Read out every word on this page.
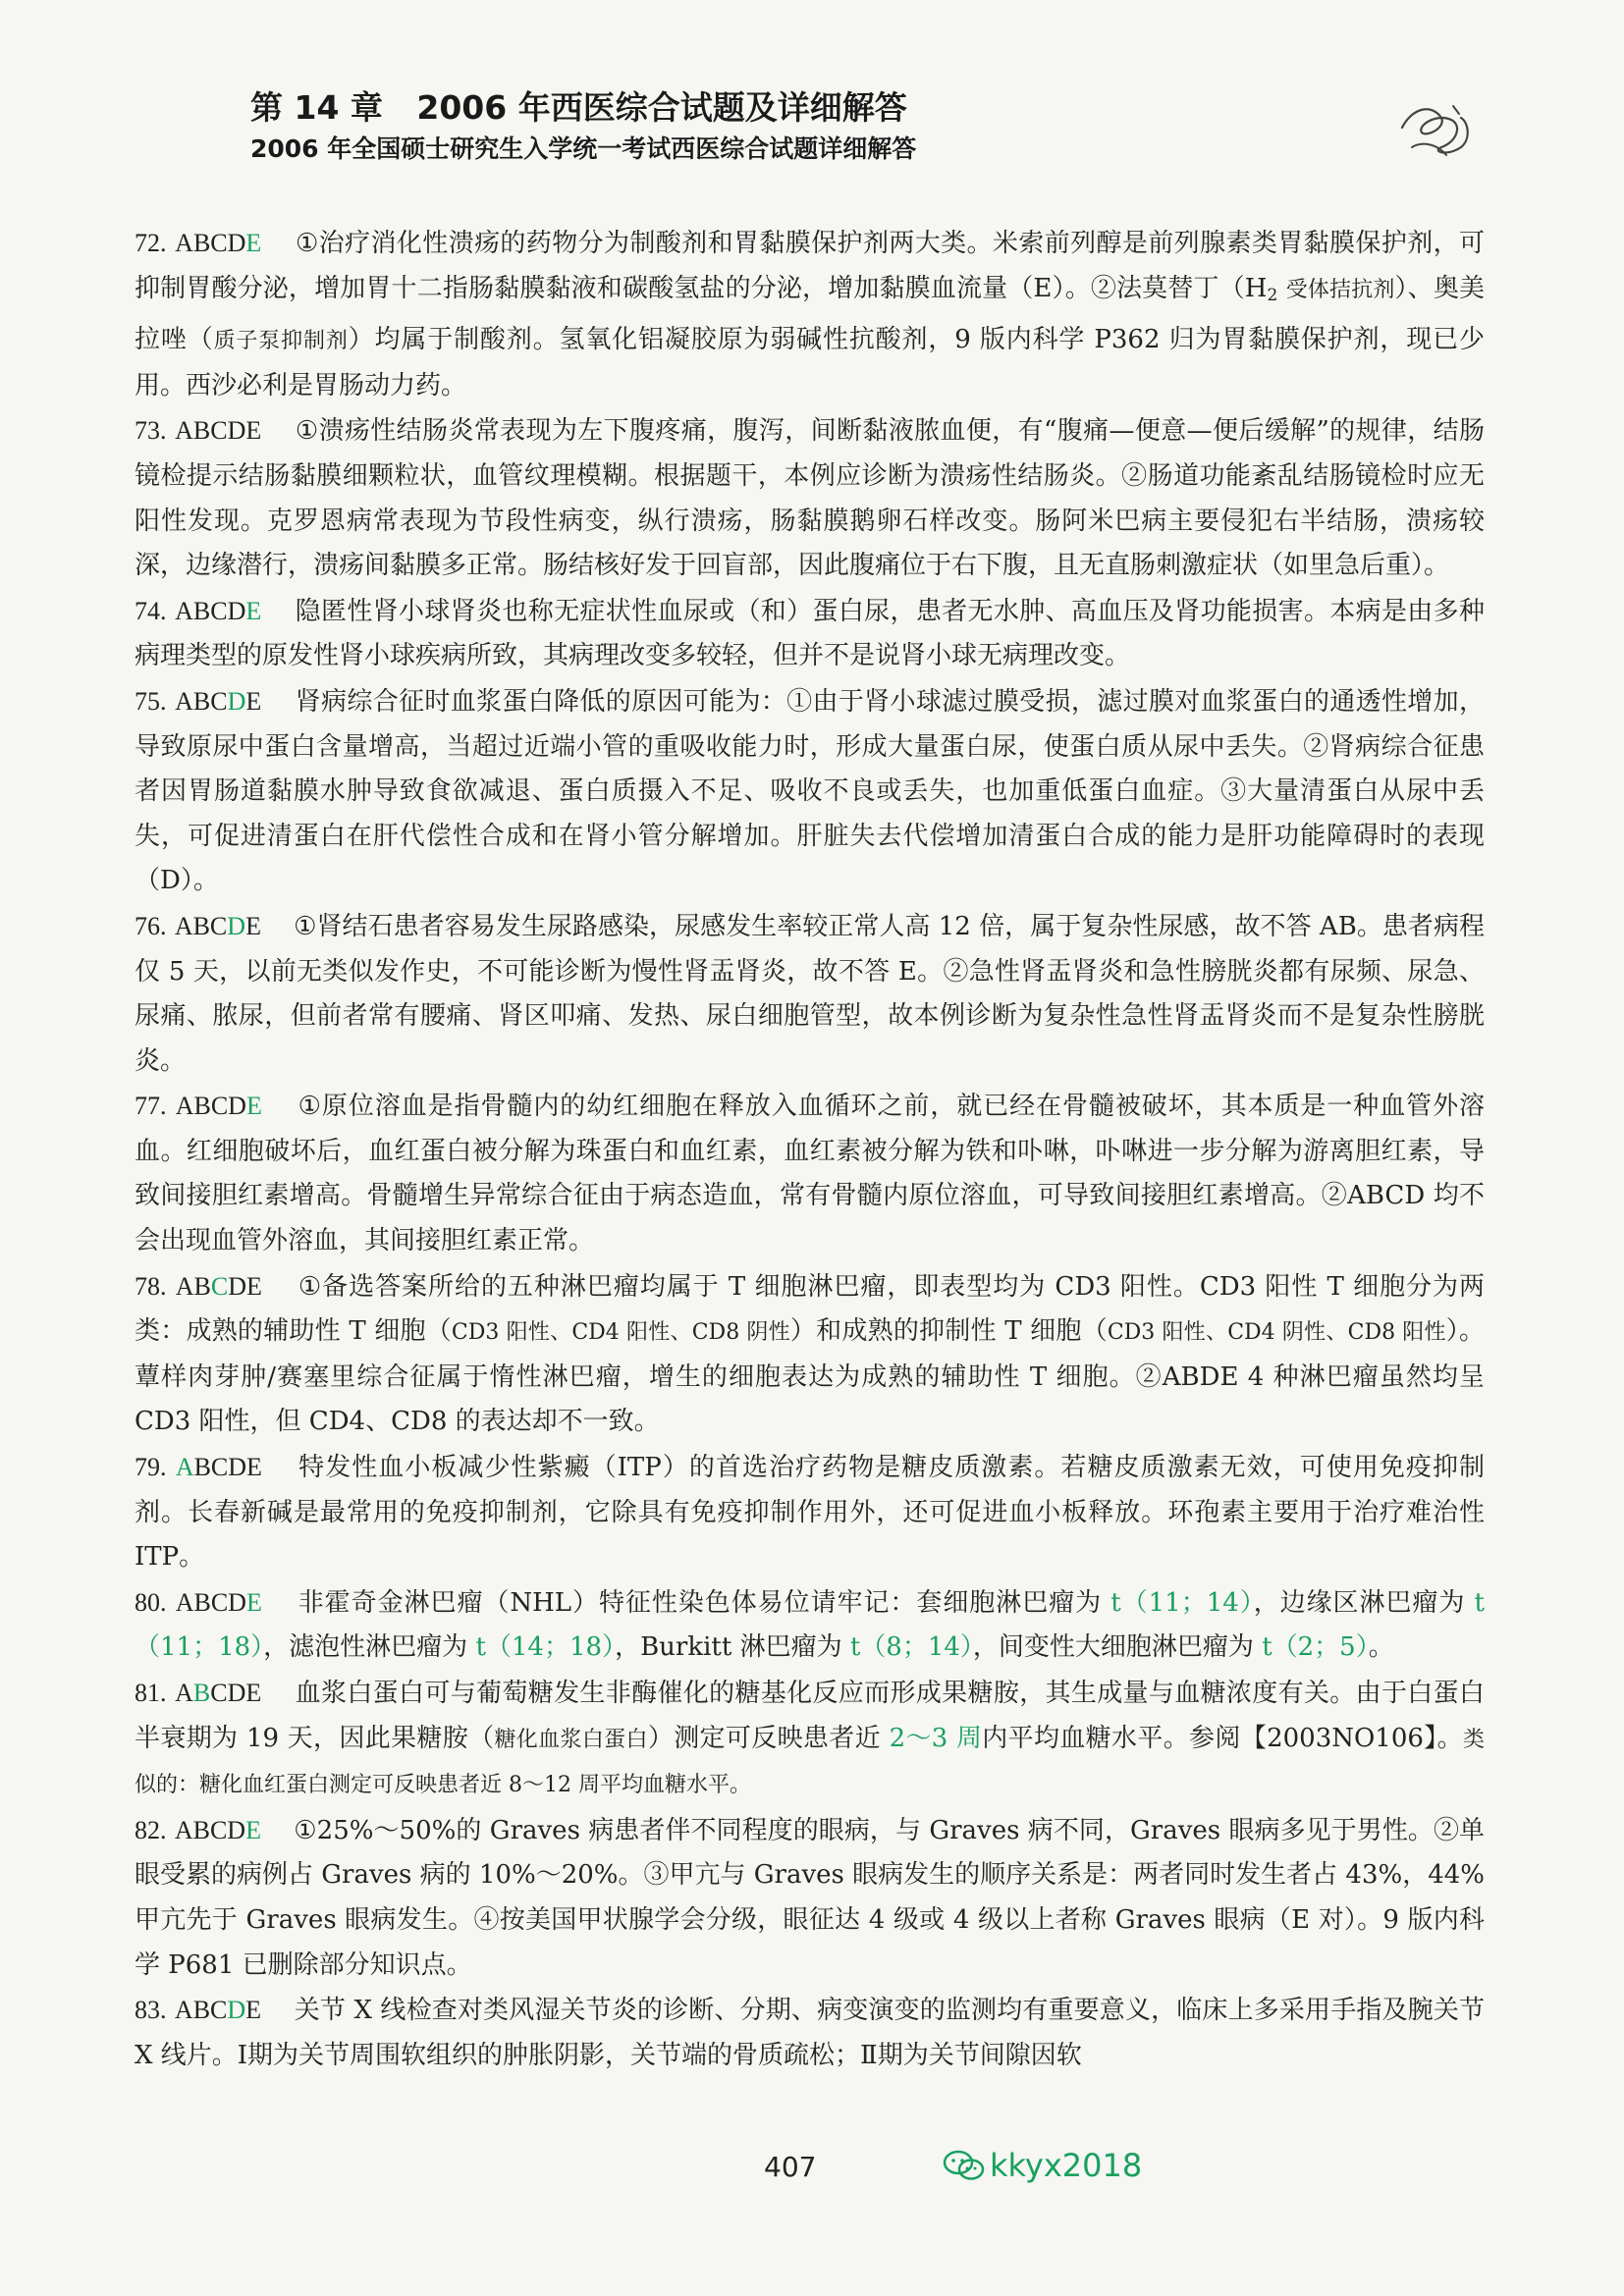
第 14 章   2006 年西医综合试题及详细解答
2006 年全国硕士研究生入学统一考试西医综合试题详细解答

72. ABCDE ①治疗消化性溃疡的药物分为制酸剂和胃黏膜保护剂两大类。米索前列醇是前列腺素类胃黏膜保护剂，可抑制胃酸分泌，增加胃十二指肠黏膜黏液和碳酸氢盐的分泌，增加黏膜血流量（E）。②法莫替丁（$H_2$ 受体拮抗剂）、奥美拉唑（质子泵抑制剂）均属于制酸剂。氢氧化铝凝胶原为弱碱性抗酸剂，9 版内科学 P362 归为胃黏膜保护剂，现已少用。西沙必利是胃肠动力药。

73. ABCDE ①溃疡性结肠炎常表现为左下腹疼痛，腹泻，间断黏液脓血便，有“腹痛—便意—便后缓解”的规律，结肠镜检提示结肠黏膜细颗粒状，血管纹理模糊。根据题干，本例应诊断为溃疡性结肠炎。②肠道功能紊乱结肠镜检时应无阳性发现。克罗恩病常表现为节段性病变，纵行溃疡，肠黏膜鹅卵石样改变。肠阿米巴病主要侵犯右半结肠，溃疡较深，边缘潜行，溃疡间黏膜多正常。肠结核好发于回盲部，因此腹痛位于右下腹，且无直肠刺激症状（如里急后重）。

74. ABCDE 隐匿性肾小球肾炎也称无症状性血尿或（和）蛋白尿，患者无水肿、高血压及肾功能损害。本病是由多种病理类型的原发性肾小球疾病所致，其病理改变多较轻，但并不是说肾小球无病理改变。

75. ABCDE 肾病综合征时血浆蛋白降低的原因可能为：①由于肾小球滤过膜受损，滤过膜对血浆蛋白的通透性增加，导致原尿中蛋白含量增高，当超过近端小管的重吸收能力时，形成大量蛋白尿，使蛋白质从尿中丢失。②肾病综合征患者因胃肠道黏膜水肿导致食欲减退、蛋白质摄入不足、吸收不良或丢失，也加重低蛋白血症。③大量清蛋白从尿中丢失，可促进清蛋白在肝代偿性合成和在肾小管分解增加。肝脏失去代偿增加清蛋白合成的能力是肝功能障碍时的表现（D）。

76. ABCDE ①肾结石患者容易发生尿路感染，尿感发生率较正常人高 12 倍，属于复杂性尿感，故不答 AB。患者病程仅 5 天，以前无类似发作史，不可能诊断为慢性肾盂肾炎，故不答 E。②急性肾盂肾炎和急性膀胱炎都有尿频、尿急、尿痛、脓尿，但前者常有腰痛、肾区叩痛、发热、尿白细胞管型，故本例诊断为复杂性急性肾盂肾炎而不是复杂性膀胱炎。

77. ABCDE ①原位溶血是指骨髓内的幼红细胞在释放入血循环之前，就已经在骨髓被破坏，其本质是一种血管外溶血。红细胞破坏后，血红蛋白被分解为珠蛋白和血红素，血红素被分解为铁和卟啉，卟啉进一步分解为游离胆红素，导致间接胆红素增高。骨髓增生异常综合征由于病态造血，常有骨髓内原位溶血，可导致间接胆红素增高。②ABCD 均不会出现血管外溶血，其间接胆红素正常。

78. ABCDE ①备选答案所给的五种淋巴瘤均属于 T 细胞淋巴瘤，即表型均为 CD3 阳性。CD3 阳性 T 细胞分为两类：成熟的辅助性 T 细胞（CD3 阳性、CD4 阳性、CD8 阴性）和成熟的抑制性 T 细胞（CD3 阳性、CD4 阴性、CD8 阳性）。蕈样肉芽肿/赛塞里综合征属于惰性淋巴瘤，增生的细胞表达为成熟的辅助性 T 细胞。②ABDE 4 种淋巴瘤虽然均呈 CD3 阳性，但 CD4、CD8 的表达却不一致。

79. ABCDE 特发性血小板减少性紫癜（ITP）的首选治疗药物是糖皮质激素。若糖皮质激素无效，可使用免疫抑制剂。长春新碱是最常用的免疫抑制剂，它除具有免疫抑制作用外，还可促进血小板释放。环孢素主要用于治疗难治性 ITP。

80. ABCDE 非霍奇金淋巴瘤（NHL）特征性染色体易位请牢记：套细胞淋巴瘤为 t（11；14），边缘区淋巴瘤为 t（11；18），滤泡性淋巴瘤为 t（14；18），Burkitt 淋巴瘤为 t（8；14），间变性大细胞淋巴瘤为 t（2；5）。

81. ABCDE 血浆白蛋白可与葡萄糖发生非酶催化的糖基化反应而形成果糖胺，其生成量与血糖浓度有关。由于白蛋白半衰期为 19 天，因此果糖胺（糖化血浆白蛋白）测定可反映患者近 2～3 周内平均血糖水平。参阅【2003NO106】。类似的：糖化血红蛋白测定可反映患者近 8～12 周平均血糖水平。

82. ABCDE ①25%～50%的 Graves 病患者伴不同程度的眼病，与 Graves 病不同，Graves 眼病多见于男性。②单眼受累的病例占 Graves 病的 10%～20%。③甲亢与 Graves 眼病发生的顺序关系是：两者同时发生者占 43%，44%甲亢先于 Graves 眼病发生。④按美国甲状腺学会分级，眼征达 4 级或 4 级以上者称 Graves 眼病（E 对）。9 版内科学 P681 已删除部分知识点。

83. ABCDE 关节 X 线检查对类风湿关节炎的诊断、分期、病变演变的监测均有重要意义，临床上多采用手指及腕关节 X 线片。Ⅰ期为关节周围软组织的肿胀阴影，关节端的骨质疏松；Ⅱ期为关节间隙因软

407	kkyx2018
